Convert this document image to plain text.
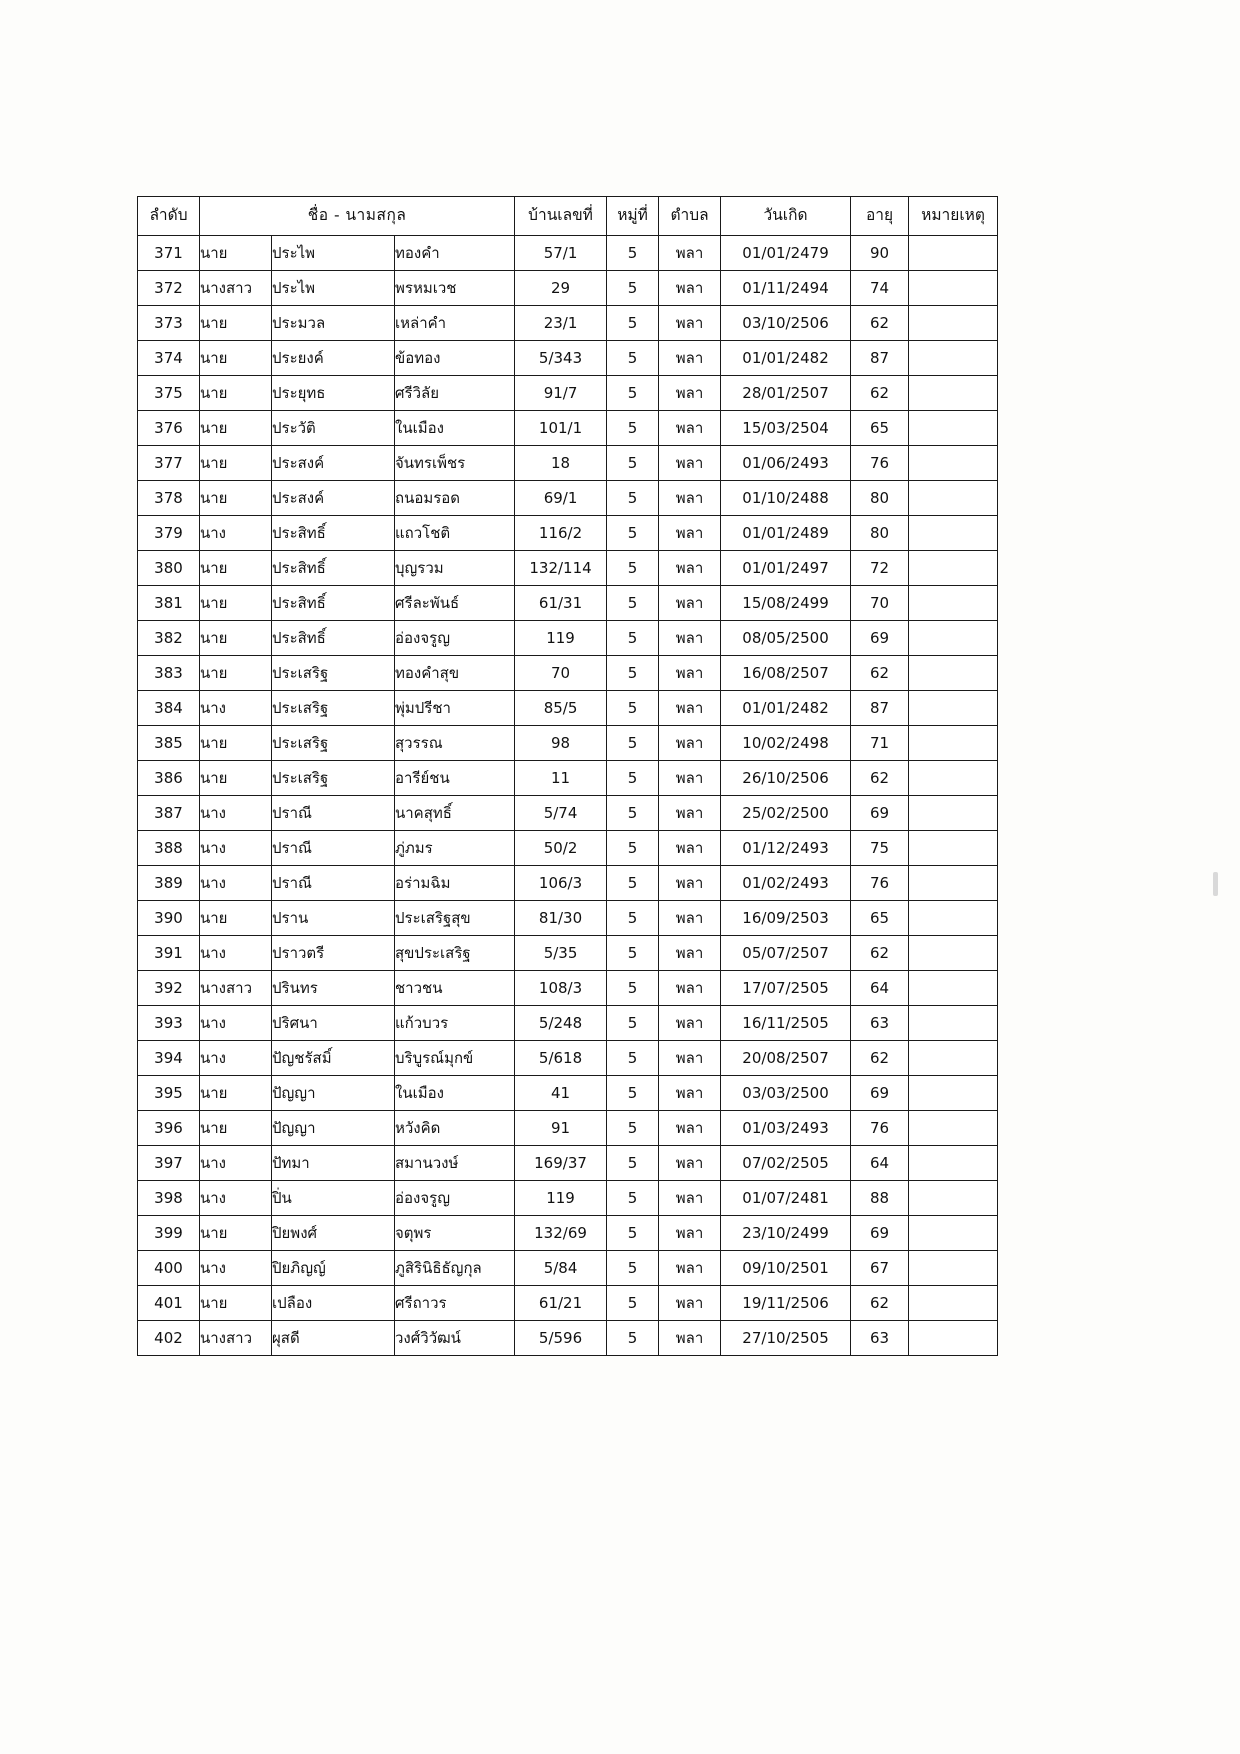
ลำดับ	ชื่อ - นามสกุล			บ้านเลขที่	หมู่ที่	ตำบล	วันเกิด	อายุ	หมายเหตุ
371	นาย	ประไพ	ทองคำ	57/1	5	พลา	01/01/2479	90	
372	นางสาว	ประไพ	พรหมเวช	29	5	พลา	01/11/2494	74	
373	นาย	ประมวล	เหล่าคำ	23/1	5	พลา	03/10/2506	62	
374	นาย	ประยงค์	ข้อทอง	5/343	5	พลา	01/01/2482	87	
375	นาย	ประยุทธ	ศรีวิลัย	91/7	5	พลา	28/01/2507	62	
376	นาย	ประวัติ	ในเมือง	101/1	5	พลา	15/03/2504	65	
377	นาย	ประสงค์	จันทรเพ็ชร	18	5	พลา	01/06/2493	76	
378	นาย	ประสงค์	ถนอมรอด	69/1	5	พลา	01/10/2488	80	
379	นาง	ประสิทธิ์	แถวโชติ	116/2	5	พลา	01/01/2489	80	
380	นาย	ประสิทธิ์	บุญรวม	132/114	5	พลา	01/01/2497	72	
381	นาย	ประสิทธิ์	ศรีละพันธ์	61/31	5	พลา	15/08/2499	70	
382	นาย	ประสิทธิ์	อ่องจรูญ	119	5	พลา	08/05/2500	69	
383	นาย	ประเสริฐ	ทองคำสุข	70	5	พลา	16/08/2507	62	
384	นาง	ประเสริฐ	พุ่มปรีชา	85/5	5	พลา	01/01/2482	87	
385	นาย	ประเสริฐ	สุวรรณ	98	5	พลา	10/02/2498	71	
386	นาย	ประเสริฐ	อารีย์ชน	11	5	พลา	26/10/2506	62	
387	นาง	ปราณี	นาคสุทธิ์	5/74	5	พลา	25/02/2500	69	
388	นาง	ปราณี	ภู่ภมร	50/2	5	พลา	01/12/2493	75	
389	นาง	ปราณี	อร่ามฉิม	106/3	5	พลา	01/02/2493	76	
390	นาย	ปราน	ประเสริฐสุข	81/30	5	พลา	16/09/2503	65	
391	นาง	ปราวตรี	สุขประเสริฐ	5/35	5	พลา	05/07/2507	62	
392	นางสาว	ปรินทร	ชาวชน	108/3	5	พลา	17/07/2505	64	
393	นาง	ปริศนา	แก้วบวร	5/248	5	พลา	16/11/2505	63	
394	นาง	ปัญชรัสมิ์	บริบูรณ์มุกข์	5/618	5	พลา	20/08/2507	62	
395	นาย	ปัญญา	ในเมือง	41	5	พลา	03/03/2500	69	
396	นาย	ปัญญา	หวังคิด	91	5	พลา	01/03/2493	76	
397	นาง	ปัทมา	สมานวงษ์	169/37	5	พลา	07/02/2505	64	
398	นาง	ปิ่น	อ่องจรูญ	119	5	พลา	01/07/2481	88	
399	นาย	ปิยพงศ์	จตุพร	132/69	5	พลา	23/10/2499	69	
400	นาง	ปิยภิญญ์	ภูสิรินิธิธัญกุล	5/84	5	พลา	09/10/2501	67	
401	นาย	เปลือง	ศรีถาวร	61/21	5	พลา	19/11/2506	62	
402	นางสาว	ผุสดี	วงศ์วิวัฒน์	5/596	5	พลา	27/10/2505	63	
